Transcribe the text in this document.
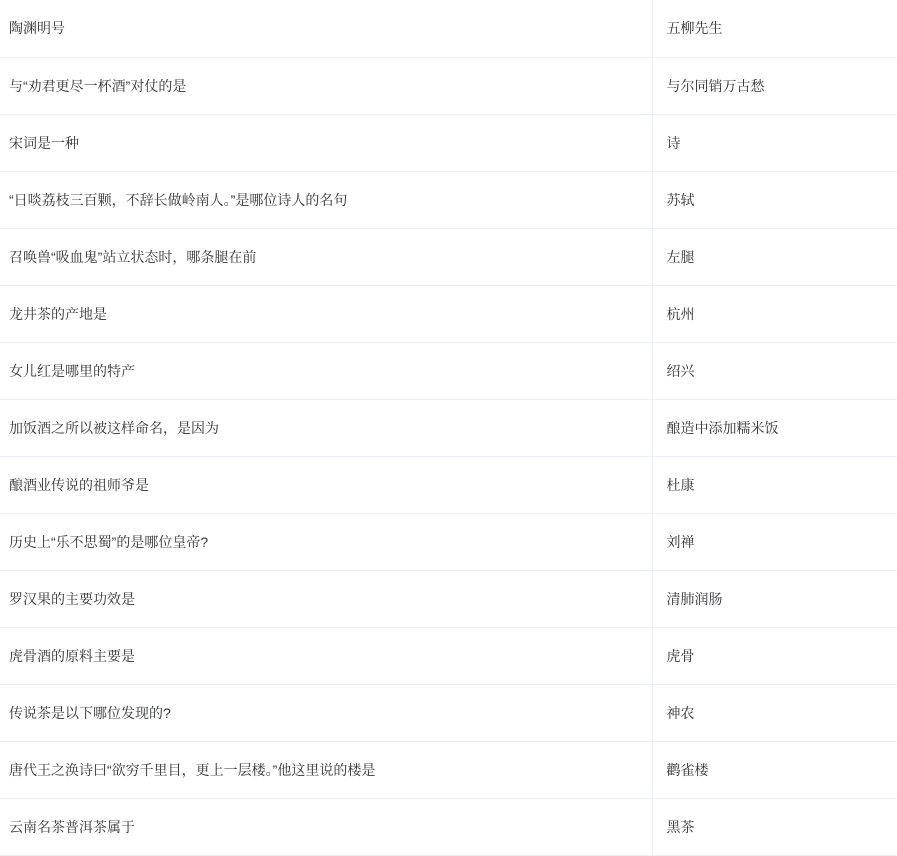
陶渊明号	五柳先生
与“劝君更尽一杯酒”对仗的是	与尔同销万古愁
宋词是一种	诗
“日啖荔枝三百颗，不辞长做岭南人。”是哪位诗人的名句	苏轼
召唤兽“吸血鬼”站立状态时，哪条腿在前	左腿
龙井茶的产地是	杭州
女儿红是哪里的特产	绍兴
加饭酒之所以被这样命名，是因为	酿造中添加糯米饭
酿酒业传说的祖师爷是	杜康
历史上“乐不思蜀”的是哪位皇帝?	刘禅
罗汉果的主要功效是	清肺润肠
虎骨酒的原料主要是	虎骨
传说茶是以下哪位发现的?	神农
唐代王之涣诗曰“欲穷千里目，更上一层楼。”他这里说的楼是	鹳雀楼
云南名茶普洱茶属于	黑茶
